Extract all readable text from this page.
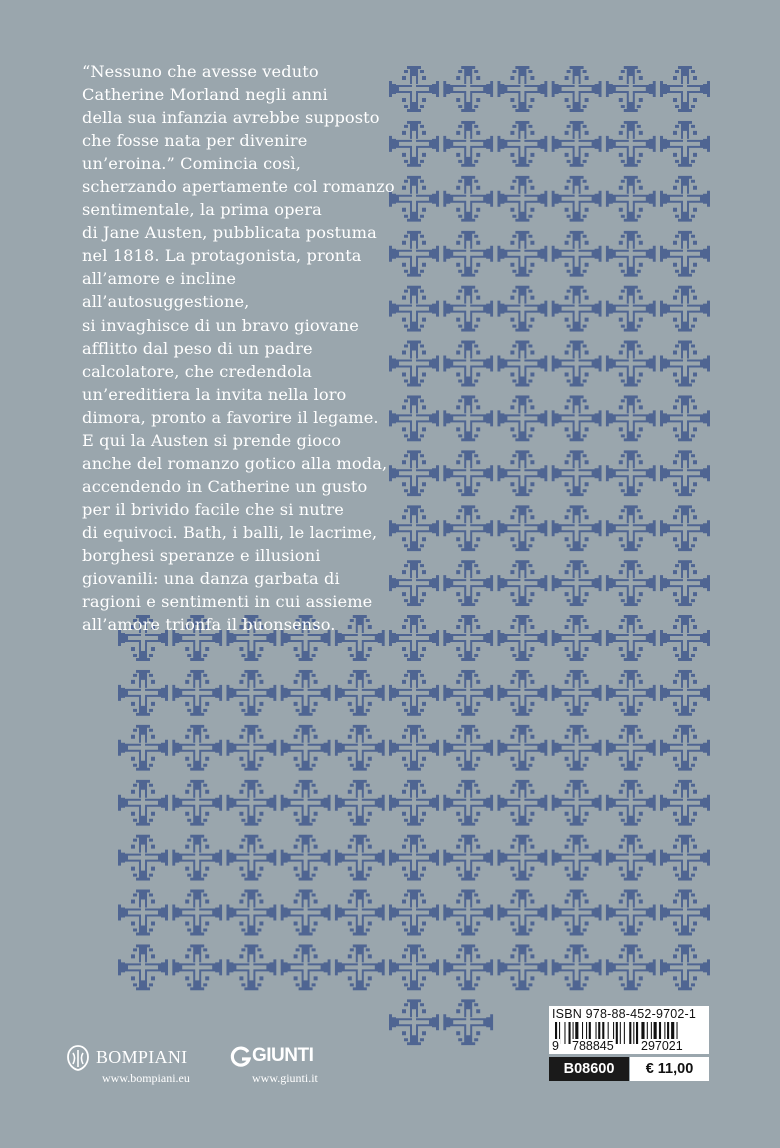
“Nessuno che avesse veduto
Catherine Morland negli anni
della sua infanzia avrebbe supposto
che fosse nata per divenire
un’eroina.” Comincia così,
scherzando apertamente col romanzo
sentimentale, la prima opera
di Jane Austen, pubblicata postuma
nel 1818. La protagonista, pronta
all’amore e incline all’autosuggestione,
si invaghisce di un bravo giovane
afflitto dal peso di un padre
calcolatore, che credendola
un’ereditiera la invita nella loro
dimora, pronto a favorire il legame.
E qui la Austen si prende gioco
anche del romanzo gotico alla moda,
accendendo in Catherine un gusto
per il brivido facile che si nutre
di equivoci. Bath, i balli, le lacrime,
borghesi speranze e illusioni
giovanili: una danza garbata di
ragioni e sentimenti in cui assieme
all’amore trionfa il buonsenso.

BOMPIANI
www.bompiani.eu
GIUNTI
www.giunti.it
ISBN 978-88-452-9702-1
9 788845 297021
B08600	€ 11,00
